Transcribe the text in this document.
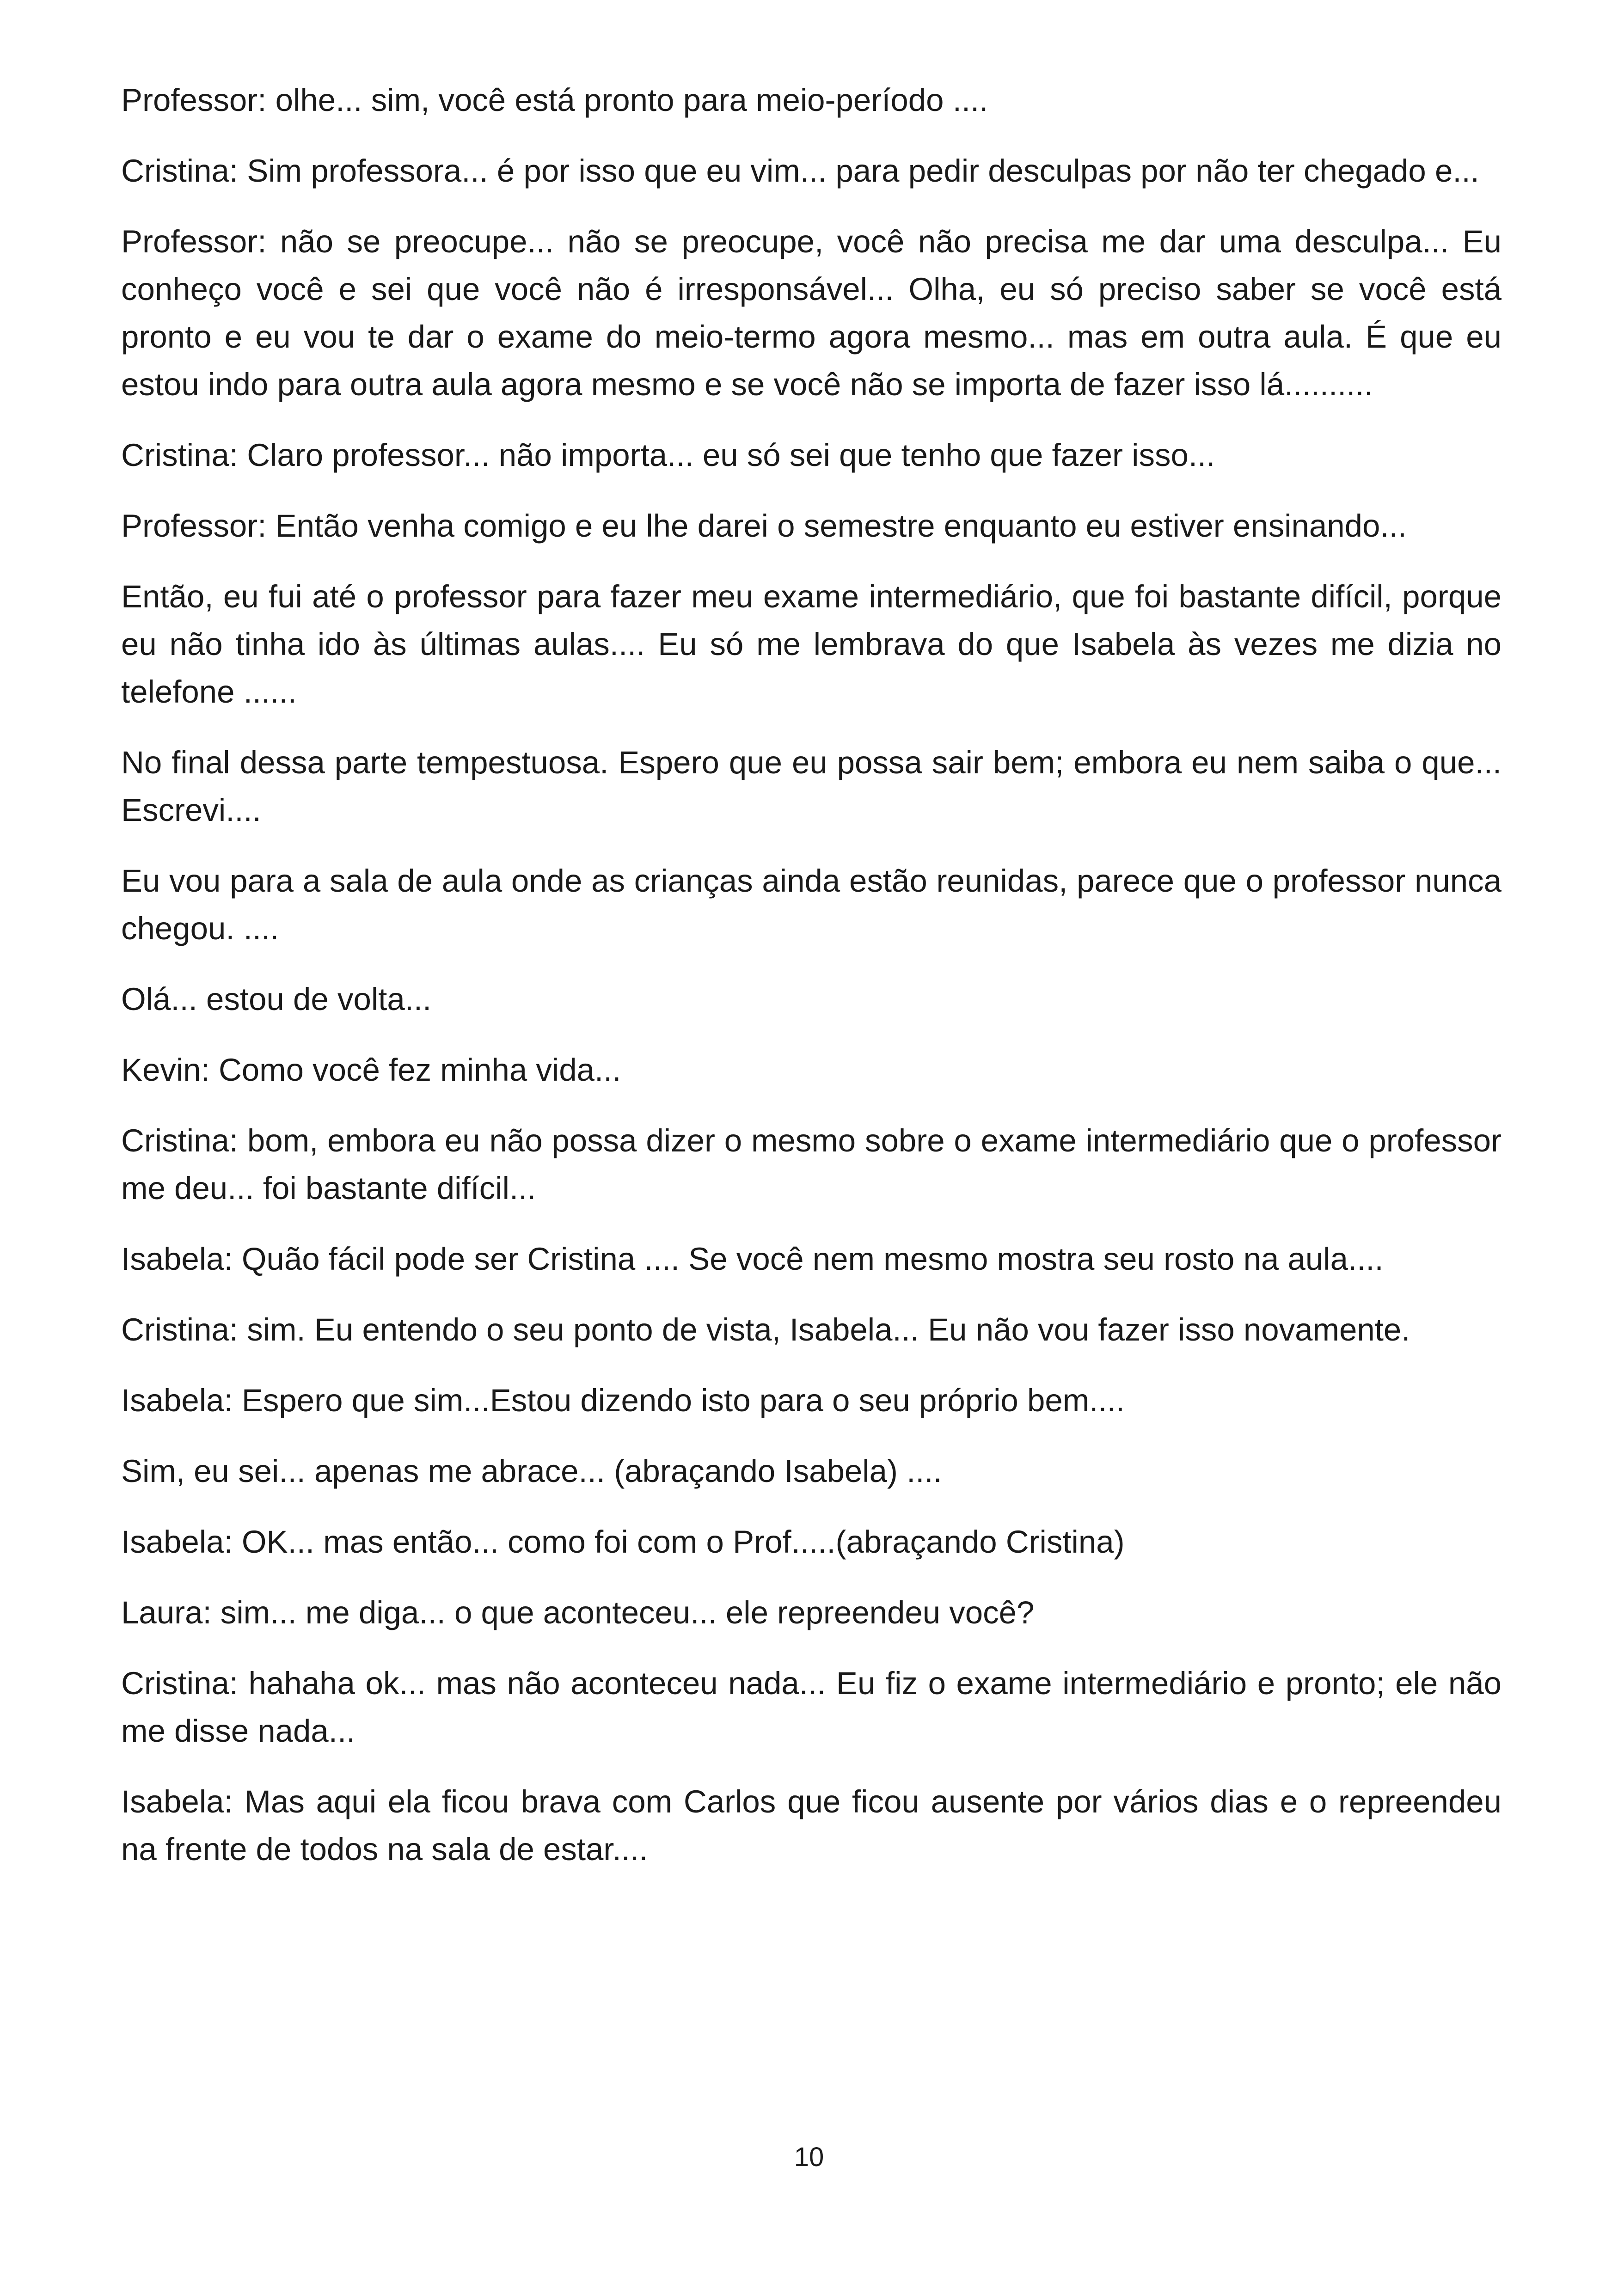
Professor: olhe... sim, você está pronto para meio-período ....

Cristina: Sim professora... é por isso que eu vim... para pedir desculpas por não ter chegado e...

Professor: não se preocupe... não se preocupe, você não precisa me dar uma desculpa... Eu conheço você e sei que você não é irresponsável... Olha, eu só preciso saber se você está pronto e eu vou te dar o exame do meio-termo agora mesmo... mas em outra aula. É que eu estou indo para outra aula agora mesmo e se você não se importa de fazer isso lá..........

Cristina: Claro professor... não importa... eu só sei que tenho que fazer isso...

Professor: Então venha comigo e eu lhe darei o semestre enquanto eu estiver ensinando...

Então, eu fui até o professor para fazer meu exame intermediário, que foi bastante difícil, porque eu não tinha ido às últimas aulas.... Eu só me lembrava do que Isabela às vezes me dizia no telefone ......

No final dessa parte tempestuosa. Espero que eu possa sair bem; embora eu nem saiba o que... Escrevi....

Eu vou para a sala de aula onde as crianças ainda estão reunidas, parece que o professor nunca chegou. ....

Olá... estou de volta...

Kevin: Como você fez minha vida...

Cristina: bom, embora eu não possa dizer o mesmo sobre o exame intermediário que o professor me deu... foi bastante difícil...

Isabela: Quão fácil pode ser Cristina .... Se você nem mesmo mostra seu rosto na aula....

Cristina: sim. Eu entendo o seu ponto de vista, Isabela... Eu não vou fazer isso novamente.

Isabela: Espero que sim...Estou dizendo isto para o seu próprio bem....

Sim, eu sei... apenas me abrace... (abraçando Isabela) ....

Isabela: OK... mas então... como foi com o Prof.....(abraçando Cristina)

Laura: sim... me diga... o que aconteceu... ele repreendeu você?

Cristina: hahaha ok... mas não aconteceu nada... Eu fiz o exame intermediário e pronto; ele não me disse nada...

Isabela: Mas aqui ela ficou brava com Carlos que ficou ausente por vários dias e o repreendeu na frente de todos na sala de estar....

10
